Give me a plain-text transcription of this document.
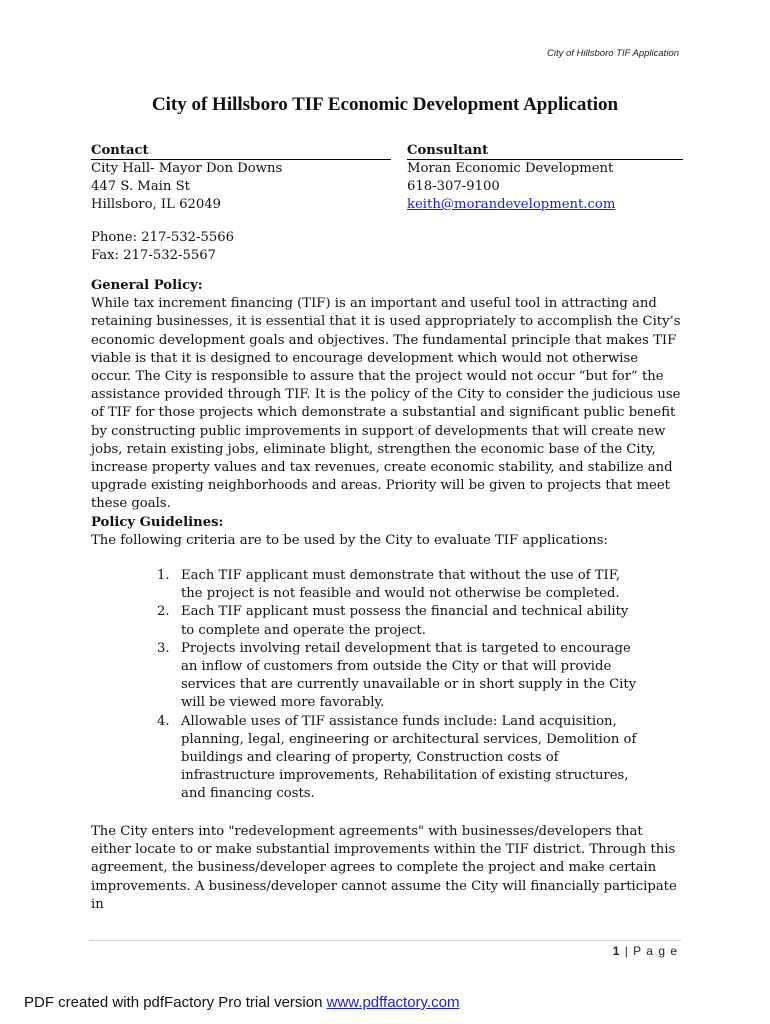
City of Hillsboro TIF Application
City of Hillsboro TIF Economic Development Application
Contact
City Hall- Mayor Don Downs
447 S. Main St
Hillsboro, IL 62049
Consultant
Moran Economic Development
618-307-9100
keith@morandevelopment.com
Phone: 217-532-5566
Fax: 217-532-5567
General Policy:
While tax increment financing (TIF) is an important and useful tool in attracting and retaining businesses, it is essential that it is used appropriately to accomplish the City’s economic development goals and objectives. The fundamental principle that makes TIF viable is that it is designed to encourage development which would not otherwise occur. The City is responsible to assure that the project would not occur “but for” the assistance provided through TIF. It is the policy of the City to consider the judicious use of TIF for those projects which demonstrate a substantial and significant public benefit by constructing public improvements in support of developments that will create new jobs, retain existing jobs, eliminate blight, strengthen the economic base of the City, increase property values and tax revenues, create economic stability, and stabilize and upgrade existing neighborhoods and areas. Priority will be given to projects that meet these goals.
Policy Guidelines:
The following criteria are to be used by the City to evaluate TIF applications:
1. Each TIF applicant must demonstrate that without the use of TIF, the project is not feasible and would not otherwise be completed.
2. Each TIF applicant must possess the financial and technical ability to complete and operate the project.
3. Projects involving retail development that is targeted to encourage an inflow of customers from outside the City or that will provide services that are currently unavailable or in short supply in the City will be viewed more favorably.
4. Allowable uses of TIF assistance funds include: Land acquisition, planning, legal, engineering or architectural services, Demolition of buildings and clearing of property, Construction costs of infrastructure improvements, Rehabilitation of existing structures, and financing costs.
The City enters into "redevelopment agreements" with businesses/developers that either locate to or make substantial improvements within the TIF district. Through this agreement, the business/developer agrees to complete the project and make certain improvements. A business/developer cannot assume the City will financially participate in
1 | P a g e
PDF created with pdfFactory Pro trial version www.pdffactory.com
